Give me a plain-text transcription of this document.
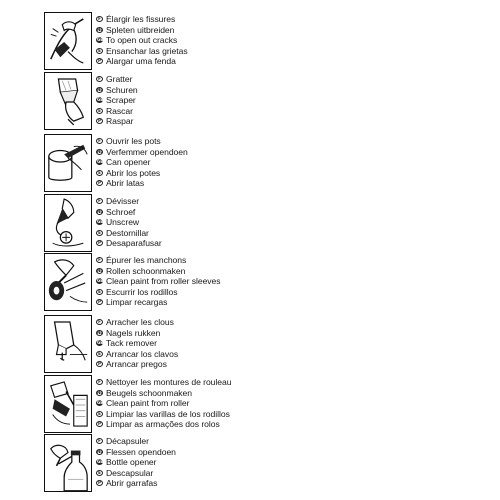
F Élargir les fissures
NL Spleten uitbreiden
GB To open out cracks
E Ensanchar las grietas
P Alargar uma fenda
F Gratter
NL Schuren
GB Scraper
E Rascar
P Raspar
F Ouvrir les pots
NL Verfemmer opendoen
GB Can opener
E Abrir los potes
P Abrir latas
F Dévisser
NL Schroef
GB Unscrew
E Destornillar
P Desaparafusar
F Épurer les manchons
NL Rollen schoonmaken
GB Clean paint from roller sleeves
E Escurrir los rodillos
P Limpar recargas
F Arracher les clous
NL Nagels rukken
GB Tack remover
E Arrancar los clavos
P Arrancar pregos
F Nettoyer les montures de rouleau
NL Beugels schoonmaken
GB Clean paint from roller
E Limpiar las varillas de los rodillos
P Limpar as armações dos rolos
F Décapsuler
NL Flessen opendoen
GB Bottle opener
E Descapsular
P Abrir garrafas
